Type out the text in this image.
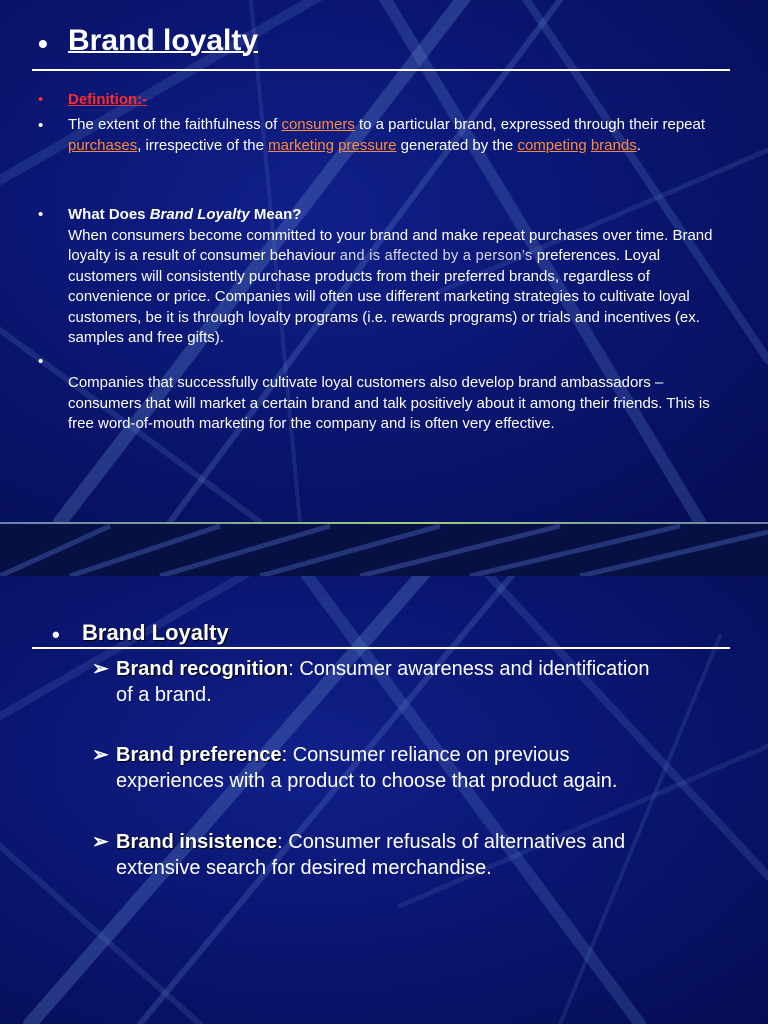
• Brand loyalty
• Definition:-
• The extent of the faithfulness of consumers to a particular brand, expressed through their repeat purchases, irrespective of the marketing pressure generated by the competing brands.
• What Does Brand Loyalty Mean?
When consumers become committed to your brand and make repeat purchases over time. Brand loyalty is a result of consumer behaviour and is affected by a person’s preferences. Loyal customers will consistently purchase products from their preferred brands, regardless of convenience or price. Companies will often use different marketing strategies to cultivate loyal customers, be it is through loyalty programs (i.e. rewards programs) or trials and incentives (ex. samples and free gifts).
•
Companies that successfully cultivate loyal customers also develop brand ambassadors – consumers that will market a certain brand and talk positively about it among their friends. This is free word-of-mouth marketing for the company and is often very effective.
• Brand Loyalty
➢ Brand recognition: Consumer awareness and identification
of a brand.
➢ Brand preference: Consumer reliance on previous
experiences with a product to choose that product again.
➢ Brand insistence: Consumer refusals of alternatives and
extensive search for desired merchandise.
